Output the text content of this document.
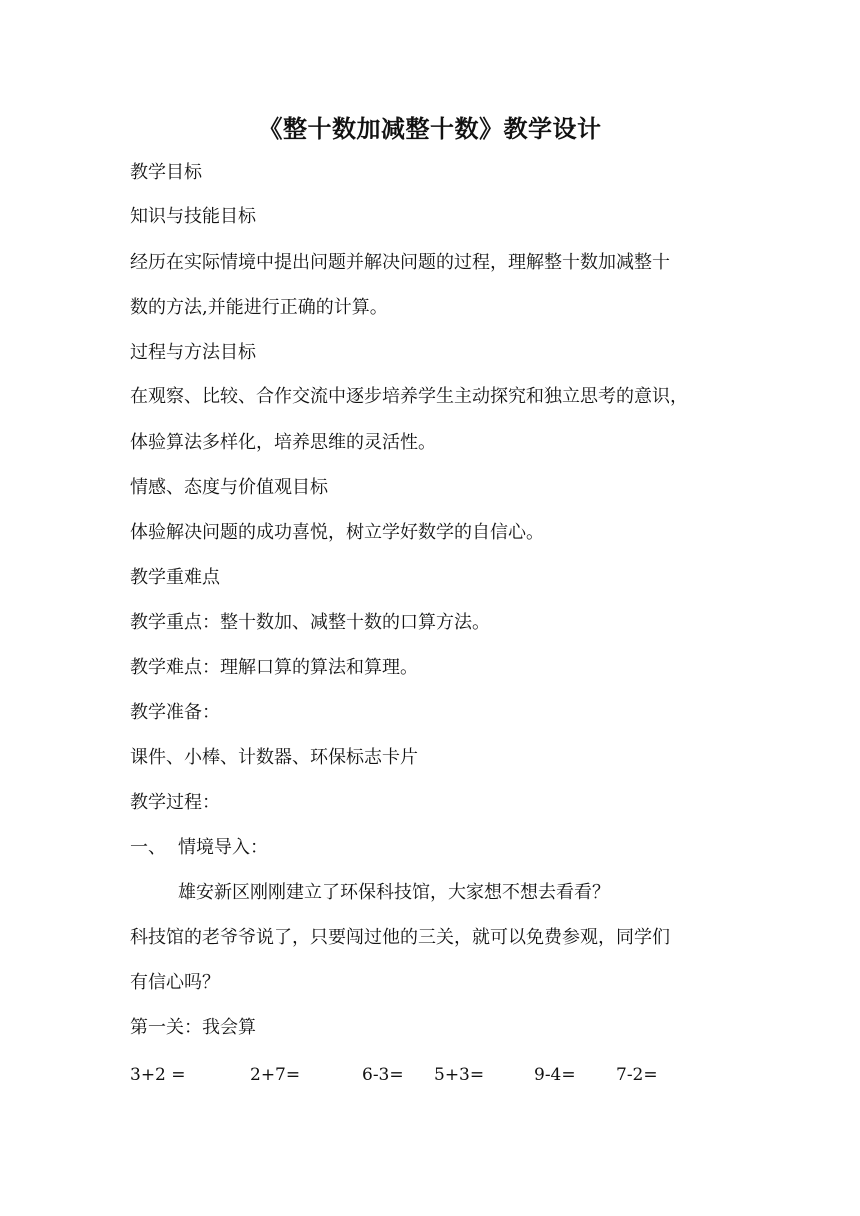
《整十数加减整十数》教学设计
教学目标
知识与技能目标
经历在实际情境中提出问题并解决问题的过程，理解整十数加减整十
数的方法,并能进行正确的计算。
过程与方法目标
在观察、比较、合作交流中逐步培养学生主动探究和独立思考的意识，
体验算法多样化，培养思维的灵活性。
情感、态度与价值观目标
体验解决问题的成功喜悦，树立学好数学的自信心。
教学重难点
教学重点：整十数加、减整十数的口算方法。
教学难点：理解口算的算法和算理。
教学准备：
课件、小棒、计数器、环保标志卡片
教学过程：
一、 情境导入：
雄安新区刚刚建立了环保科技馆，大家想不想去看看？
科技馆的老爷爷说了，只要闯过他的三关，就可以免费参观，同学们
有信心吗？
第一关：我会算
3+2 =	2+7=	6-3= 5+3=	9-4= 7-2=
